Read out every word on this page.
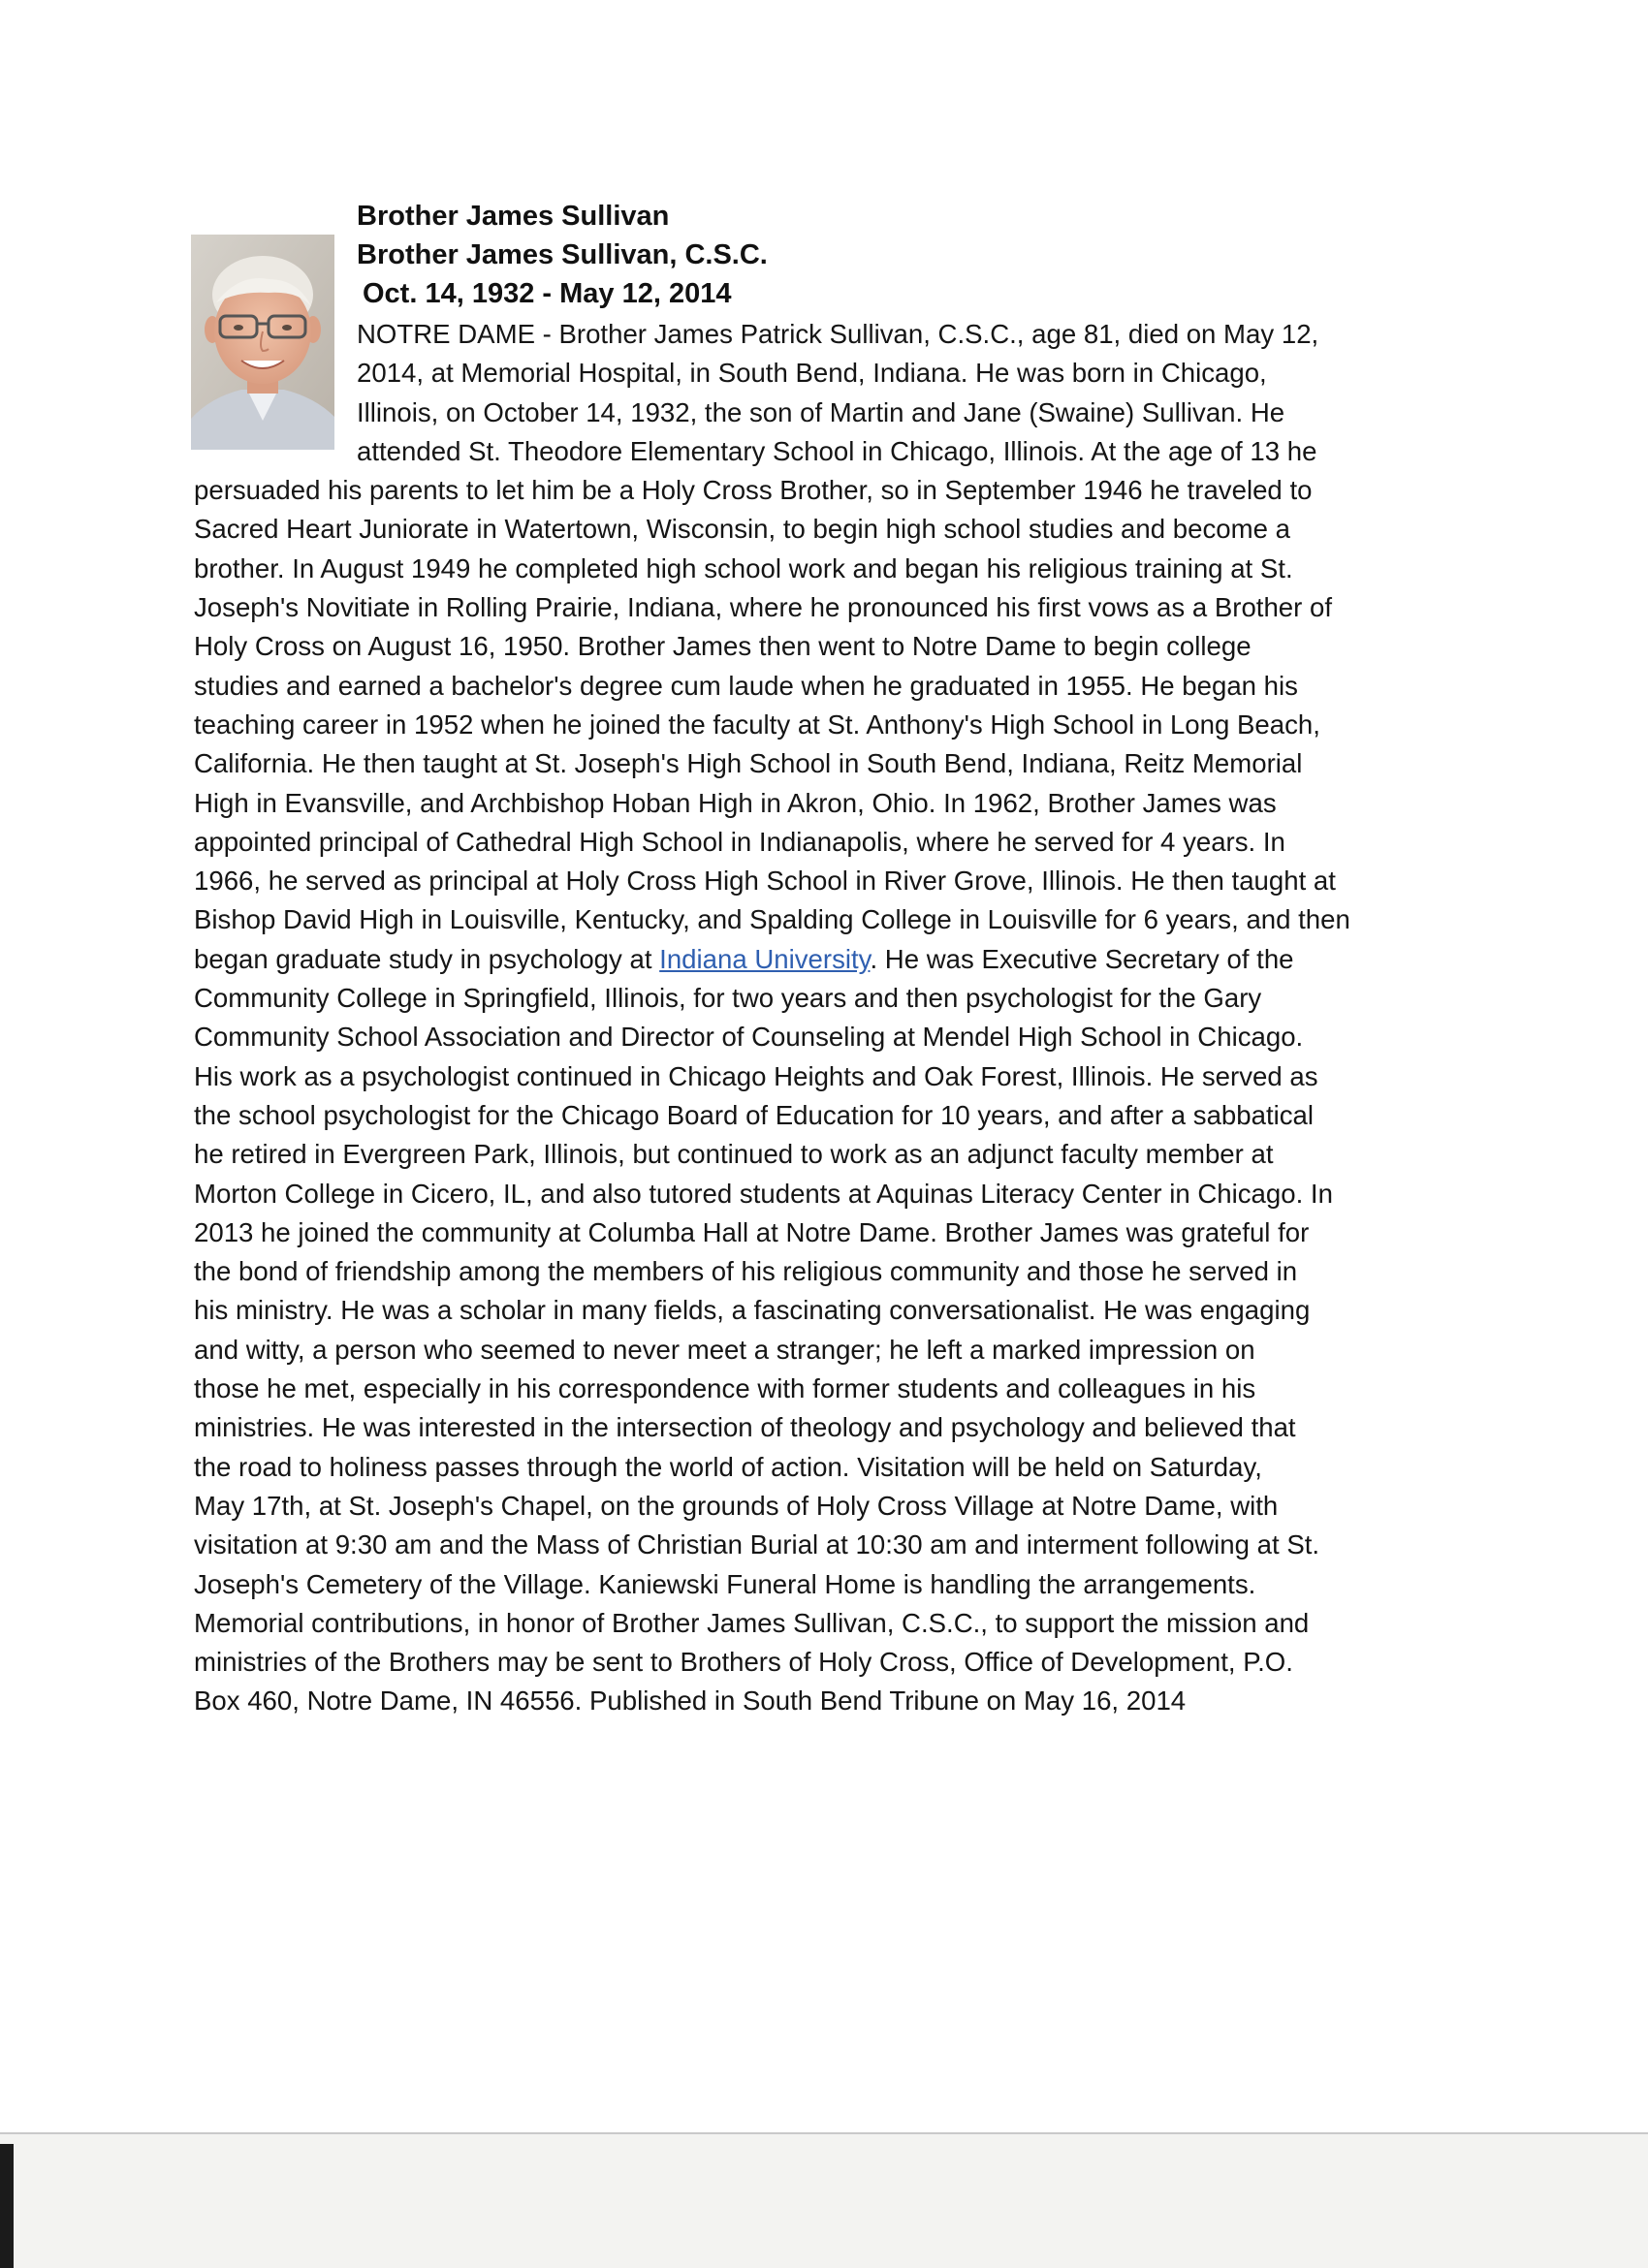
Brother James Sullivan
Brother James Sullivan, C.S.C.
Oct. 14, 1932 - May 12, 2014
NOTRE DAME - Brother James Patrick Sullivan, C.S.C., age 81, died on May 12,
2014, at Memorial Hospital, in South Bend, Indiana. He was born in Chicago,
Illinois, on October 14, 1932, the son of Martin and Jane (Swaine) Sullivan. He
attended St. Theodore Elementary School in Chicago, Illinois. At the age of 13 he
persuaded his parents to let him be a Holy Cross Brother, so in September 1946 he traveled to
Sacred Heart Juniorate in Watertown, Wisconsin, to begin high school studies and become a
brother. In August 1949 he completed high school work and began his religious training at St.
Joseph's Novitiate in Rolling Prairie, Indiana, where he pronounced his first vows as a Brother of
Holy Cross on August 16, 1950. Brother James then went to Notre Dame to begin college
studies and earned a bachelor's degree cum laude when he graduated in 1955. He began his
teaching career in 1952 when he joined the faculty at St. Anthony's High School in Long Beach,
California. He then taught at St. Joseph's High School in South Bend, Indiana, Reitz Memorial
High in Evansville, and Archbishop Hoban High in Akron, Ohio. In 1962, Brother James was
appointed principal of Cathedral High School in Indianapolis, where he served for 4 years. In
1966, he served as principal at Holy Cross High School in River Grove, Illinois. He then taught at
Bishop David High in Louisville, Kentucky, and Spalding College in Louisville for 6 years, and then
began graduate study in psychology at Indiana University. He was Executive Secretary of the
Community College in Springfield, Illinois, for two years and then psychologist for the Gary
Community School Association and Director of Counseling at Mendel High School in Chicago.
His work as a psychologist continued in Chicago Heights and Oak Forest, Illinois. He served as
the school psychologist for the Chicago Board of Education for 10 years, and after a sabbatical
he retired in Evergreen Park, Illinois, but continued to work as an adjunct faculty member at
Morton College in Cicero, IL, and also tutored students at Aquinas Literacy Center in Chicago. In
2013 he joined the community at Columba Hall at Notre Dame. Brother James was grateful for
the bond of friendship among the members of his religious community and those he served in
his ministry. He was a scholar in many fields, a fascinating conversationalist. He was engaging
and witty, a person who seemed to never meet a stranger; he left a marked impression on
those he met, especially in his correspondence with former students and colleagues in his
ministries. He was interested in the intersection of theology and psychology and believed that
the road to holiness passes through the world of action. Visitation will be held on Saturday,
May 17th, at St. Joseph's Chapel, on the grounds of Holy Cross Village at Notre Dame, with
visitation at 9:30 am and the Mass of Christian Burial at 10:30 am and interment following at St.
Joseph's Cemetery of the Village. Kaniewski Funeral Home is handling the arrangements.
Memorial contributions, in honor of Brother James Sullivan, C.S.C., to support the mission and
ministries of the Brothers may be sent to Brothers of Holy Cross, Office of Development, P.O.
Box 460, Notre Dame, IN 46556. Published in South Bend Tribune on May 16, 2014
